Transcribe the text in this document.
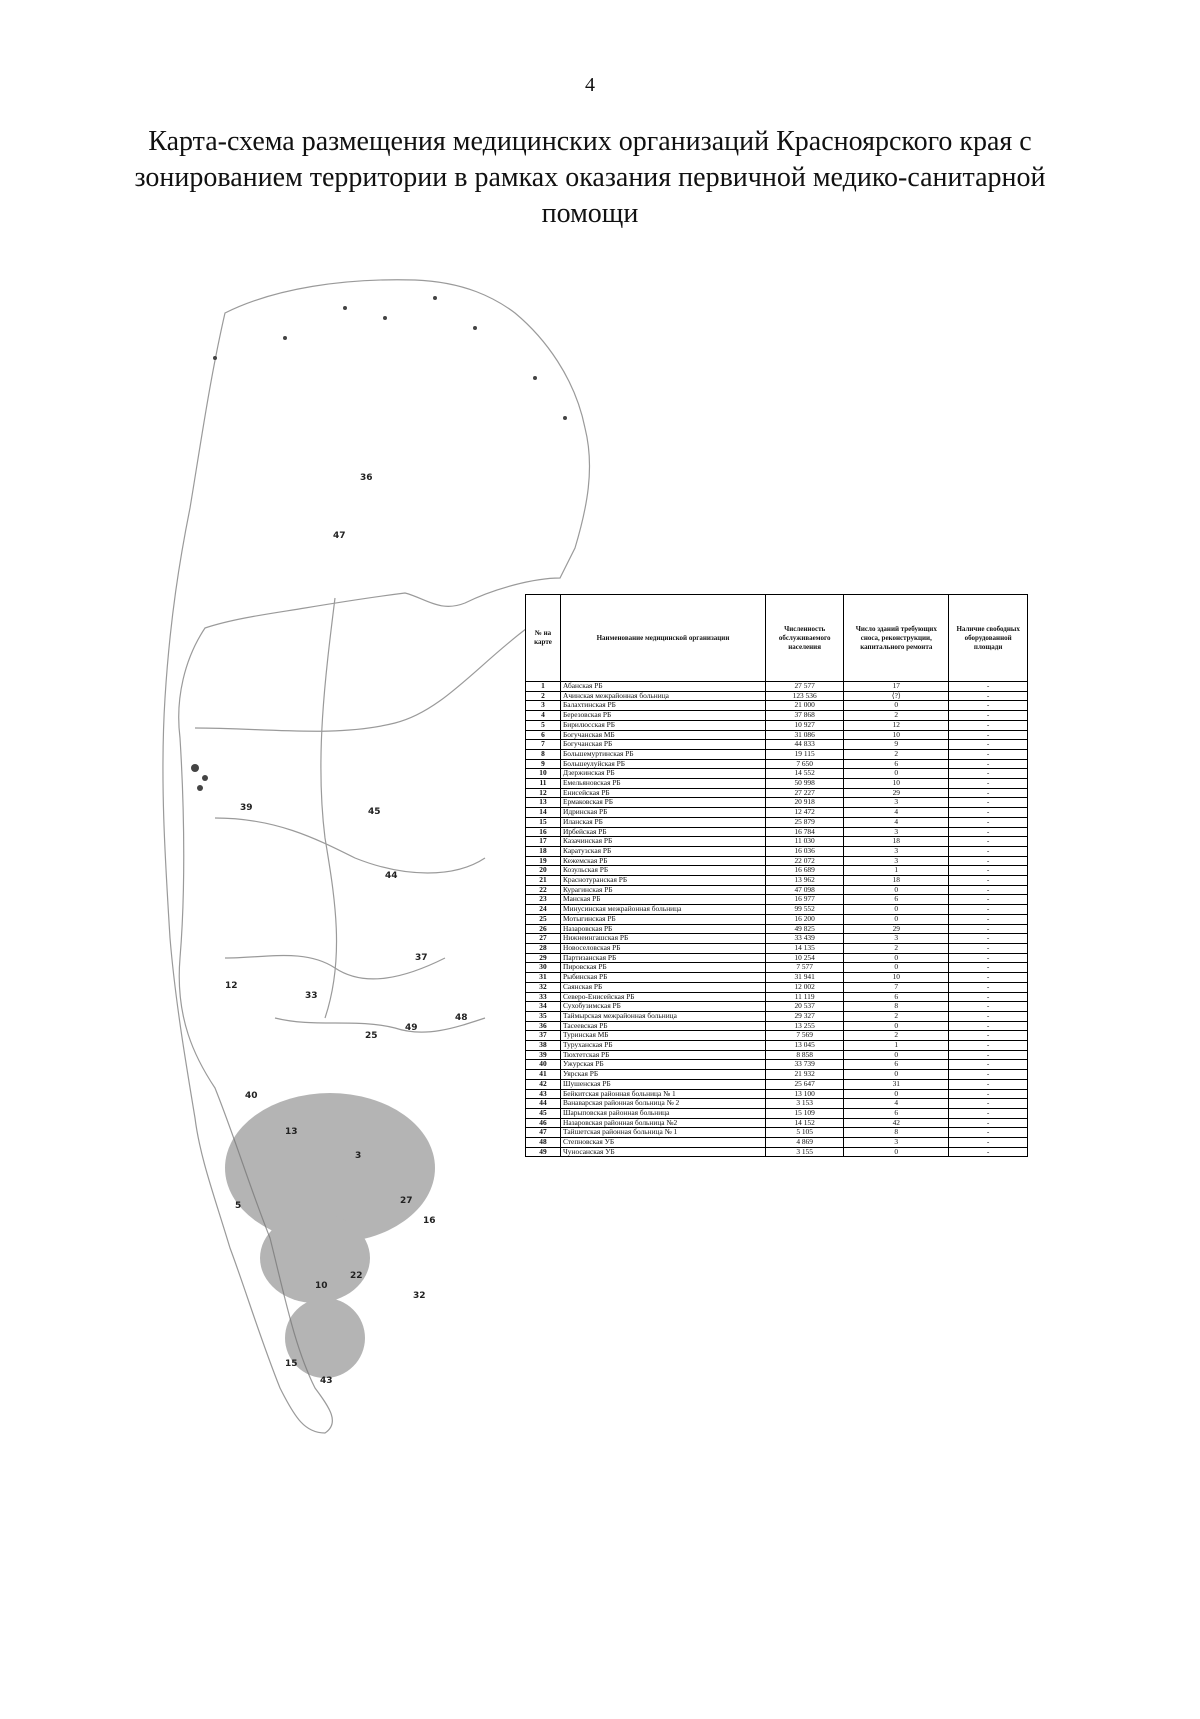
4
Карта-схема размещения медицинских организаций Красноярского края с зонированием территории в рамках оказания первичной медико-санитарной помощи
36
47
39	45
44
37
12
33
25
48
49
13
5
16
22
10
32
15
43
27
40
3
№ на карте	Наименование медицинской организации	Численность обслуживаемого населения	Число зданий требующих сноса, реконструкции, капитального ремонта	Наличие свободных оборудованной площади
1	Абанская РБ	27 577	17	-
2	Ачинская межрайонная больница	123 536	⟨?⟩	-
3	Балахтинская РБ	21 000	0	-
4	Березовская РБ	37 868	2	-
5	Бирилюсская РБ	10 927	12	-
6	Богучанская МБ	31 086	10	-
7	Богучанская РБ	44 833	9	-
8	Большемуртинская РБ	19 115	2	-
9	Большеулуйская РБ	7 650	6	-
10	Дзержинская РБ	14 552	0	-
11	Емельяновская РБ	50 998	10	-
12	Енисейская РБ	27 227	29	-
13	Ермаковская РБ	20 918	3	-
14	Идринская РБ	12 472	4	-
15	Иланская РБ	25 879	4	-
16	Ирбейская РБ	16 784	3	-
17	Казачинская РБ	11 030	18	-
18	Каратузская РБ	16 036	3	-
19	Кежемская РБ	22 072	3	-
20	Козульская РБ	16 689	1	-
21	Краснотуранская РБ	13 962	18	-
22	Курагинская РБ	47 098	0	-
23	Манская РБ	16 977	6	-
24	Минусинская межрайонная больница	99 552	0	-
25	Мотыгинская РБ	16 200	0	-
26	Назаровская РБ	49 825	29	-
27	Нижнеингашская РБ	33 439	3	-
28	Новоселовская РБ	14 135	2	-
29	Партизанская РБ	10 254	0	-
30	Пировская РБ	7 577	0	-
31	Рыбинская РБ	31 941	10	-
32	Саянская РБ	12 002	7	-
33	Северо-Енисейская РБ	11 119	6	-
34	Сухобузимская РБ	20 537	8	-
35	Таймырская межрайонная больница	29 327	2	-
36	Тасеевская РБ	13 255	0	-
37	Туринская МБ	7 569	2	-
38	Туруханская РБ	13 045	1	-
39	Тюхтетская РБ	8 858	0	-
40	Ужурская РБ	33 739	6	-
41	Уярская РБ	21 932	0	-
42	Шушенская РБ	25 647	31	-
43	Бейкитская районная больница № 1	13 100	0	-
44	Ванаварская районная больница № 2	3 153	4	-
45	Шарыповская районная больница	15 109	6	-
46	Назаровская районная больница №2	14 152	42	-
47	Тайшетская районная больница № 1	5 105	8	-
48	Степновская УБ	4 869	3	-
49	Чуносанская УБ	3 155	0	-
